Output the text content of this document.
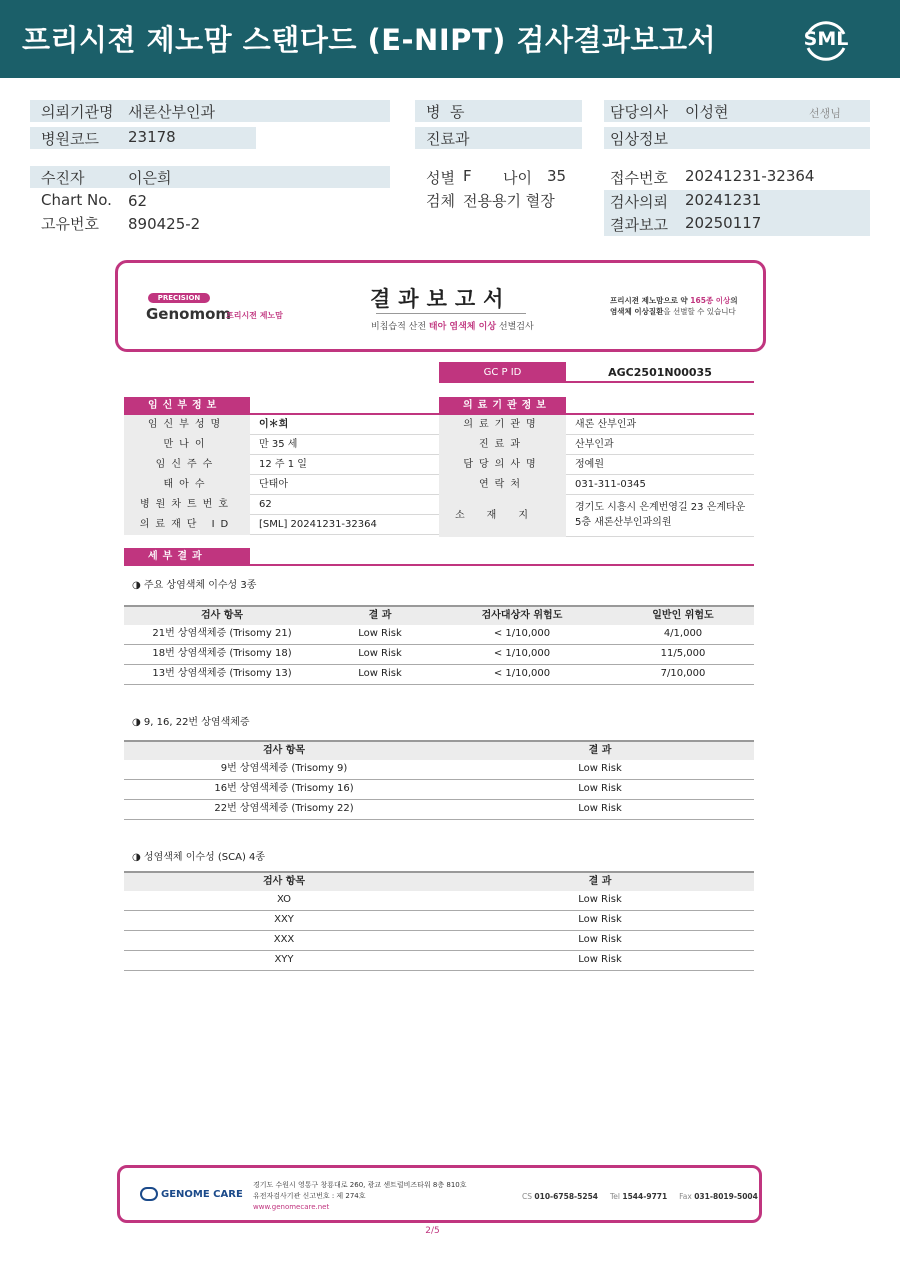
프리시젼 제노맘 스탠다드 (E-NIPT) 검사결과보고서	SML
의뢰기관명 새론산부인과
병원코드 23178
병  동
진료과
담당의사 이성현	선생님
임상정보
수진자	이은희
Chart No. 62
고유번호 890425-2
성별 F 나이 35
검체 전용용기 혈장
접수번호 20241231-32364
검사의뢰 20241231
결과보고 20250117
PRECISION
Genomom
프리시젼 제노맘
결과보고서
비침습적 산전 태아 염색체 이상 선별검사
프리시젼 제노맘으로 약 165종 이상의
염색체 이상질환을 선별할 수 있습니다
GC P ID	AGC2501N00035
임신부정보	의료기관정보
임신부성명	이＊희
만나이	만 35 세
임신주수	12 주 1 일
태아수	단태아
병원차트번호	62
의료재단 ID	[SML] 20241231-32364
의료기관명	새론 산부인과
진료과	산부인과
담당의사명	정예원
연락처	031-311-0345
소재지
경기도 시흥시 은계번영길 23 은계타운
5층 새론산부인과의원
세부결과
◑ 주요 상염색체 이수성 3종
검사 항목	결 과	검사대상자 위험도	일반인 위험도
21번 상염색체증 (Trisomy 21)	Low Risk	< 1/10,000	4/1,000
18번 상염색체증 (Trisomy 18)	Low Risk	< 1/10,000	11/5,000
13번 상염색체증 (Trisomy 13)	Low Risk	< 1/10,000	7/10,000
◑ 9, 16, 22번 상염색체증
검사 항목	결 과
9번 상염색체증 (Trisomy 9)	Low Risk
16번 상염색체증 (Trisomy 16)	Low Risk
22번 상염색체증 (Trisomy 22)	Low Risk
◑ 성염색체 이수성 (SCA) 4종
검사 항목	결 과
XO	Low Risk
XXY	Low Risk
XXX	Low Risk
XYY	Low Risk
GENOME CARE
경기도 수원시 영통구 창룡대로 260, 광교 센트럴비즈타워 8층 810호
유전자검사기관 신고번호 : 제 274호
www.genomecare.net
CS 010-6758-5254 Tel 1544-9771 Fax 031-8019-5004
2/5
